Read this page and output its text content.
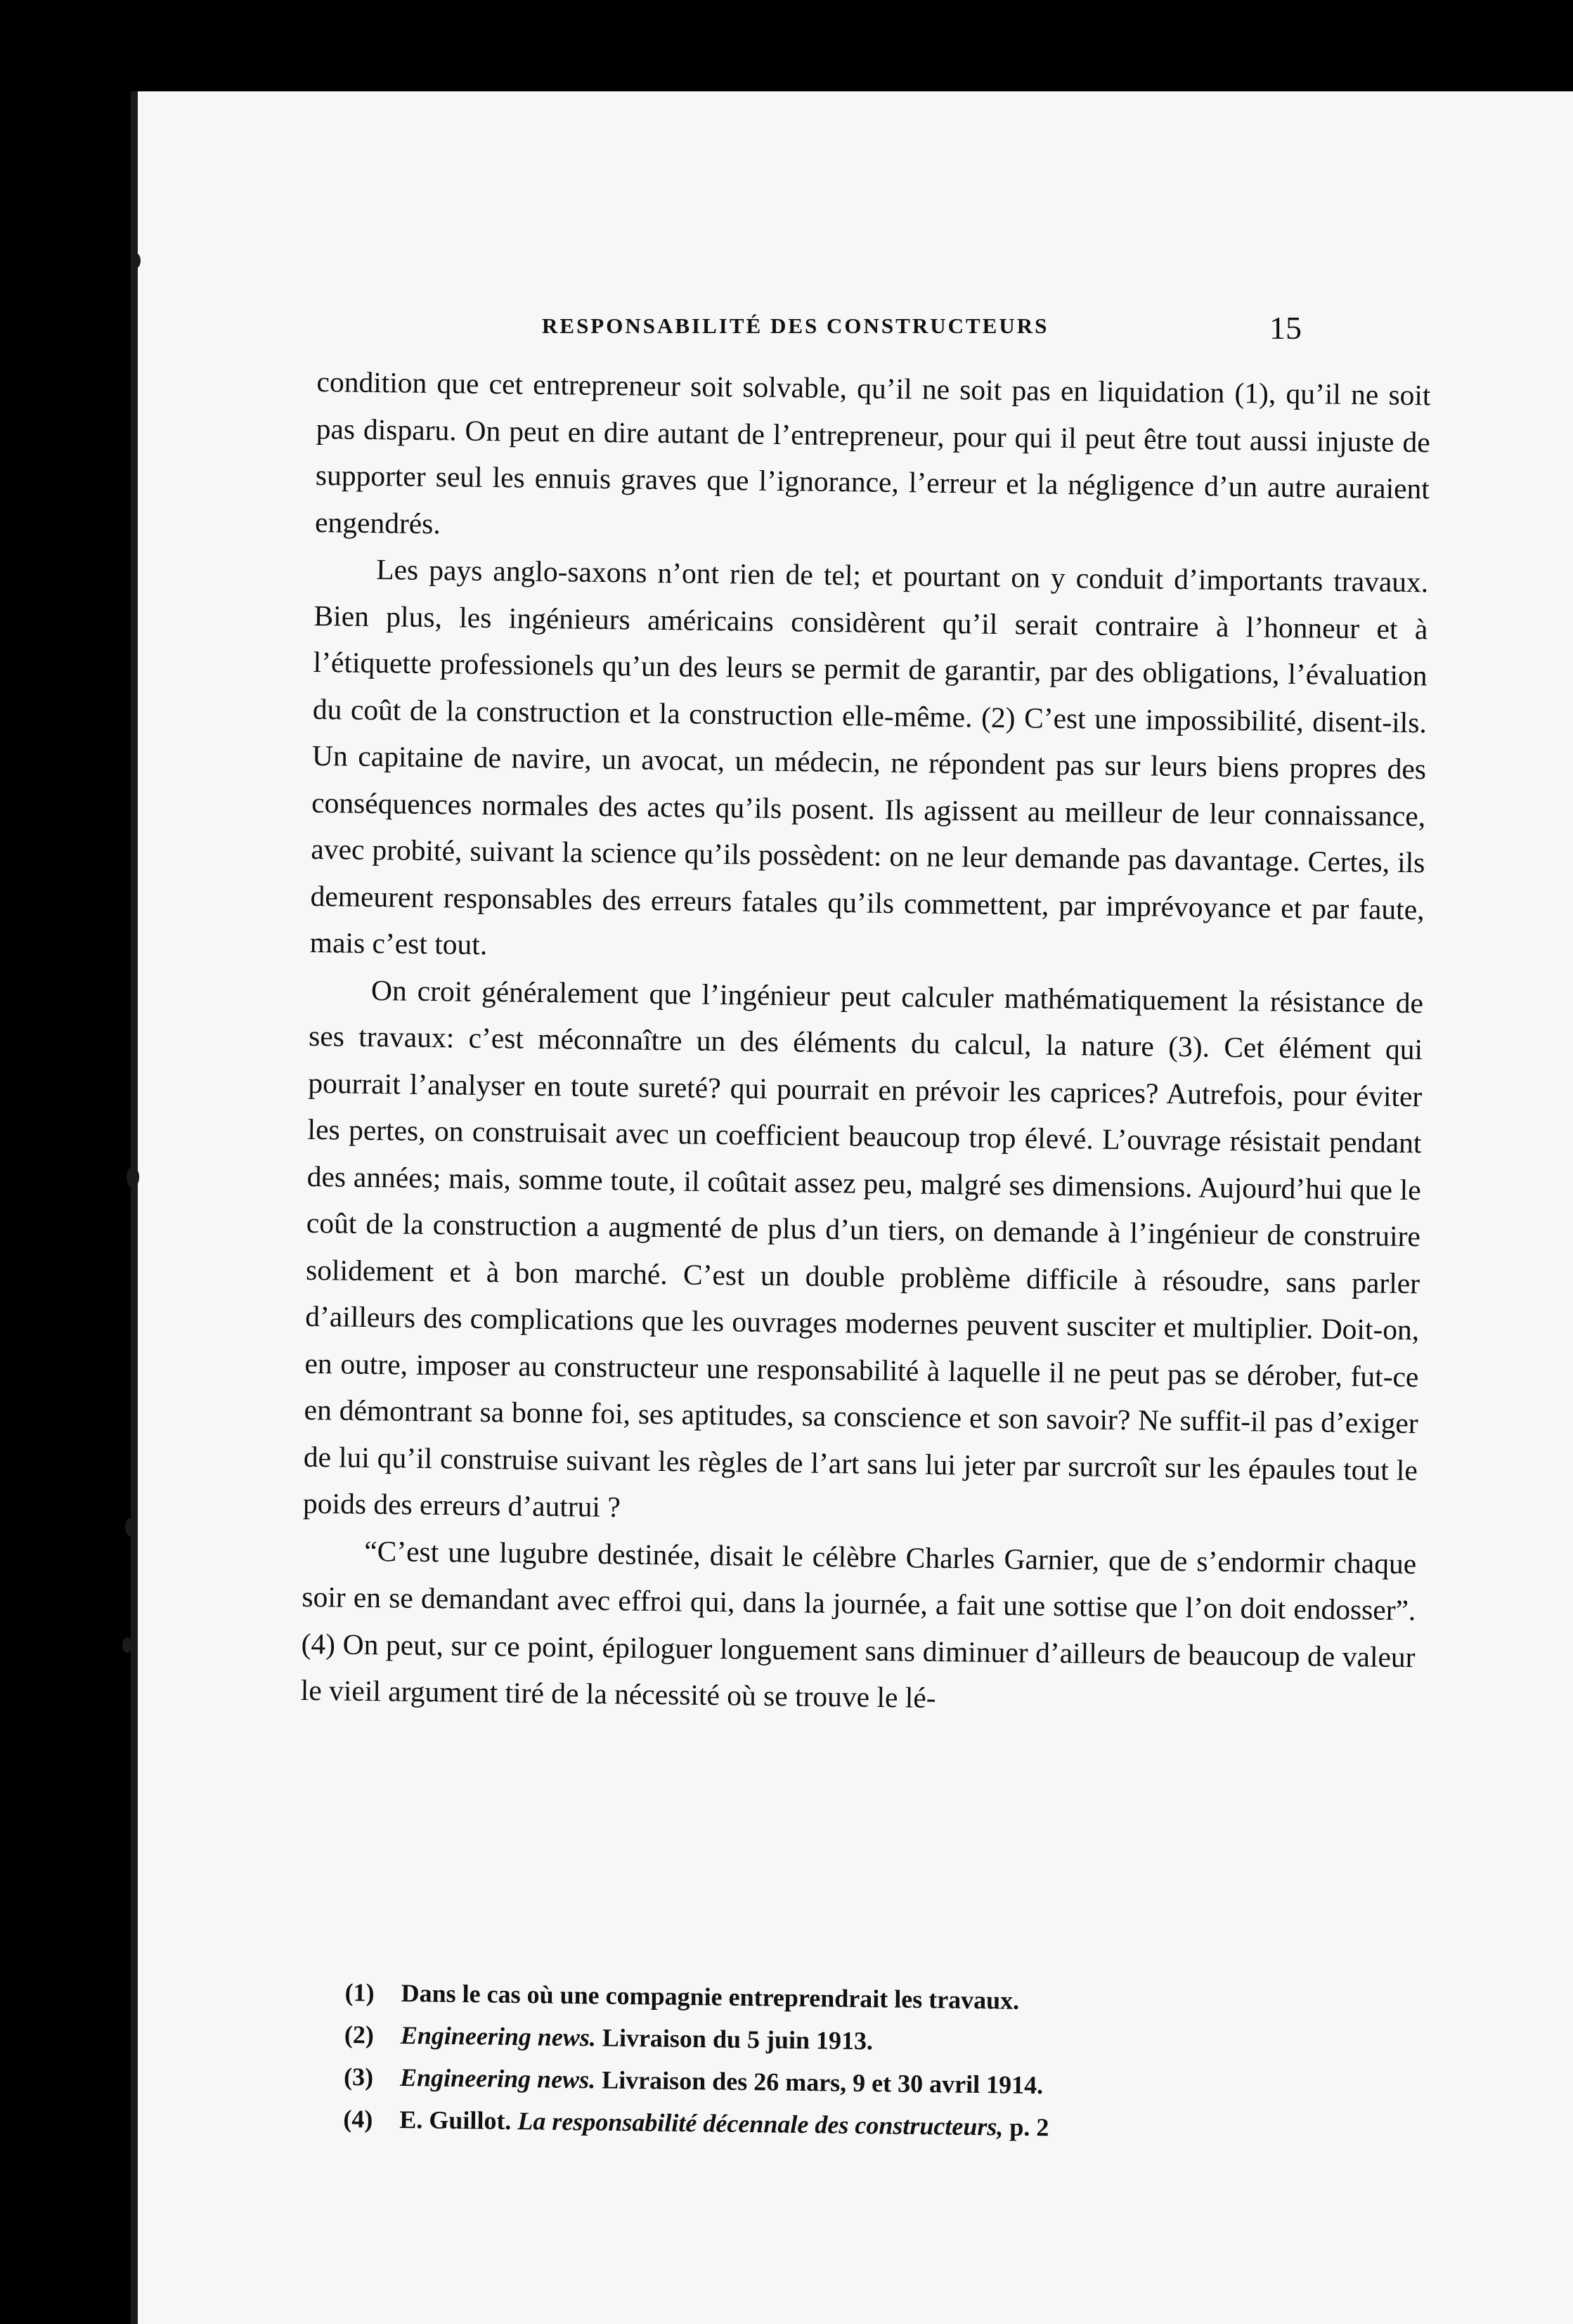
RESPONSABILITÉ DES CONSTRUCTEURS	15

condition que cet entrepreneur soit solvable, qu’il ne soit pas en liquidation (1), qu’il ne soit pas disparu. On peut en dire autant de l’entrepreneur, pour qui il peut être tout aussi injuste de supporter seul les ennuis graves que l’ignorance, l’erreur et la négligence d’un autre auraient engendrés.

Les pays anglo-saxons n’ont rien de tel; et pourtant on y conduit d’importants travaux. Bien plus, les ingénieurs américains considèrent qu’il serait contraire à l’honneur et à l’étiquette professionels qu’un des leurs se permit de garantir, par des obligations, l’évaluation du coût de la construction et la construction elle-même. (2) C’est une impossibilité, disent-ils. Un capitaine de navire, un avocat, un médecin, ne répondent pas sur leurs biens propres des conséquences normales des actes qu’ils posent. Ils agissent au meilleur de leur connaissance, avec probité, suivant la science qu’ils possèdent: on ne leur demande pas davantage. Certes, ils demeurent responsables des erreurs fatales qu’ils commettent, par imprévoyance et par faute, mais c’est tout.

On croit généralement que l’ingénieur peut calculer mathématiquement la résistance de ses travaux: c’est méconnaître un des éléments du calcul, la nature (3). Cet élément qui pourrait l’analyser en toute sureté? qui pourrait en prévoir les caprices? Autrefois, pour éviter les pertes, on construisait avec un coefficient beaucoup trop élevé. L’ouvrage résistait pendant des années; mais, somme toute, il coûtait assez peu, malgré ses dimensions. Aujourd’hui que le coût de la construction a augmenté de plus d’un tiers, on demande à l’ingénieur de construire solidement et à bon marché. C’est un double problème difficile à résoudre, sans parler d’ailleurs des complications que les ouvrages modernes peuvent susciter et multiplier. Doit-on, en outre, imposer au constructeur une responsabilité à laquelle il ne peut pas se dérober, fut-ce en démontrant sa bonne foi, ses aptitudes, sa conscience et son savoir? Ne suffit-il pas d’exiger de lui qu’il construise suivant les règles de l’art sans lui jeter par surcroît sur les épaules tout le poids des erreurs d’autrui ?

“C’est une lugubre destinée, disait le célèbre Charles Garnier, que de s’endormir chaque soir en se demandant avec effroi qui, dans la journée, a fait une sottise que l’on doit endosser”. (4) On peut, sur ce point, épiloguer longuement sans diminuer d’ailleurs de beaucoup de valeur le vieil argument tiré de la nécessité où se trouve le lé-

(1) Dans le cas où une compagnie entreprendrait les travaux.
(2) Engineering news. Livraison du 5 juin 1913.
(3) Engineering news. Livraison des 26 mars, 9 et 30 avril 1914.
(4) E. Guillot. La responsabilité décennale des constructeurs, p. 2
